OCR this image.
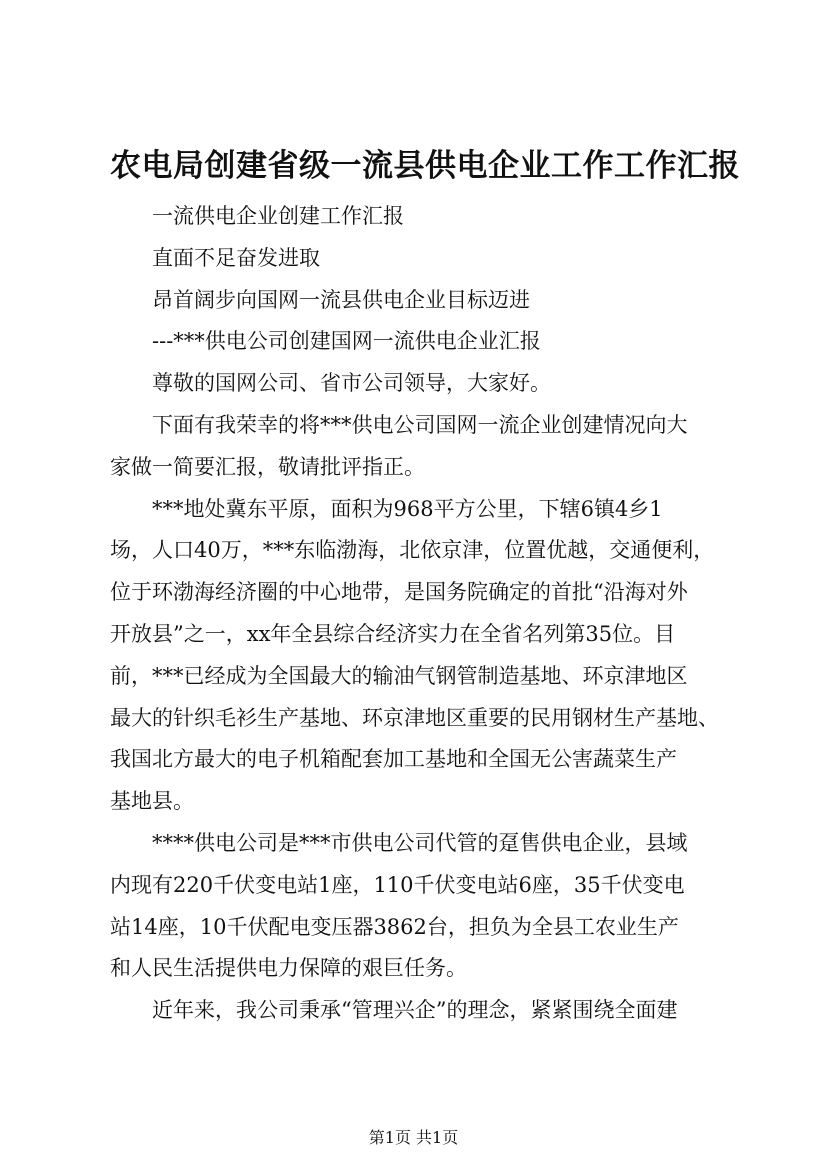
农电局创建省级一流县供电企业工作工作汇报
　　一流供电企业创建工作汇报
　　直面不足奋发进取
　　昂首阔步向国网一流县供电企业目标迈进
　　---***供电公司创建国网一流供电企业汇报
　　尊敬的国网公司、省市公司领导，大家好。
　　下面有我荣幸的将***供电公司国网一流企业创建情况向大
家做一简要汇报，敬请批评指正。
　　***地处冀东平原，面积为968平方公里，下辖6镇4乡1
场，人口40万，***东临渤海，北依京津，位置优越，交通便利，
位于环渤海经济圈的中心地带，是国务院确定的首批“沿海对外
开放县”之一，xx年全县综合经济实力在全省名列第35位。目
前，***已经成为全国最大的输油气钢管制造基地、环京津地区
最大的针织毛衫生产基地、环京津地区重要的民用钢材生产基地、
我国北方最大的电子机箱配套加工基地和全国无公害蔬菜生产
基地县。
　　****供电公司是***市供电公司代管的趸售供电企业，县域
内现有220千伏变电站1座，110千伏变电站6座，35千伏变电
站14座，10千伏配电变压器3862台，担负为全县工农业生产
和人民生活提供电力保障的艰巨任务。
　　近年来，我公司秉承“管理兴企”的理念，紧紧围绕全面建
第1页 共1页
